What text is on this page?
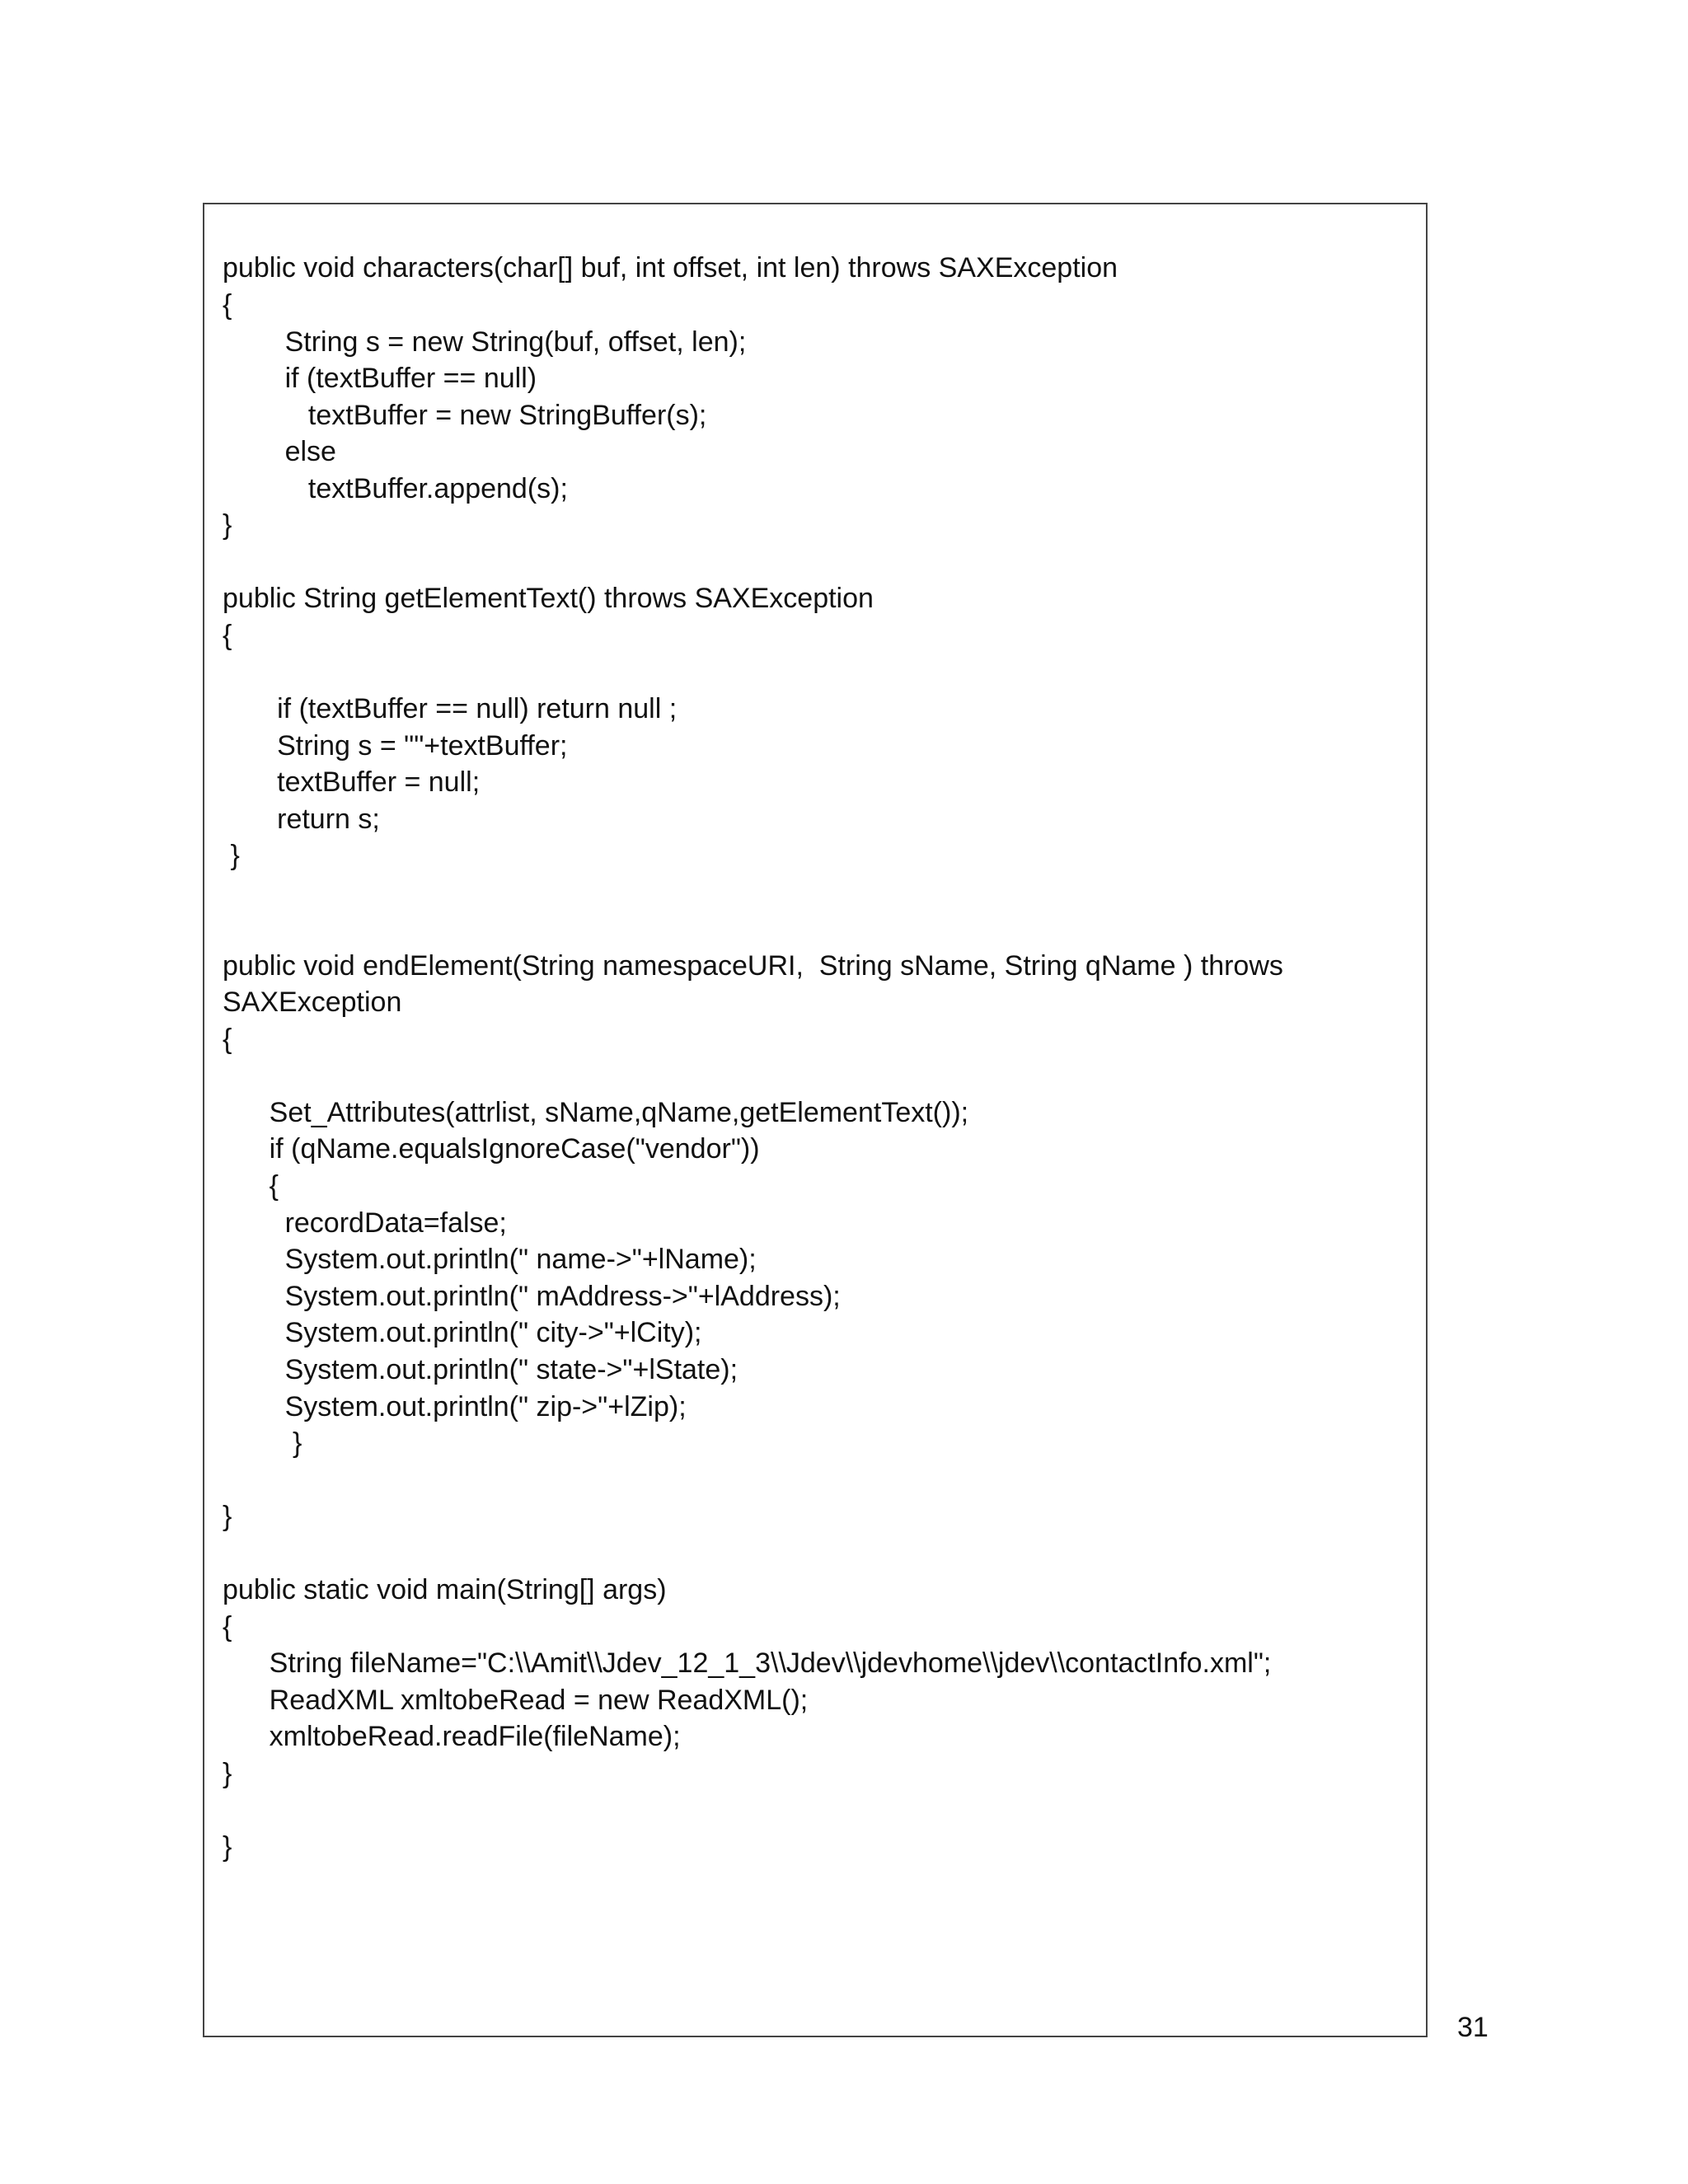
public void characters(char[] buf, int offset, int len) throws SAXException
{
String s = new String(buf, offset, len);
if (textBuffer == null)
textBuffer = new StringBuffer(s);
else
textBuffer.append(s);
}
public String getElementText() throws SAXException
{
if (textBuffer == null) return null ;
String s = ""+textBuffer;
textBuffer = null;
return s;
}
public void endElement(String namespaceURI,  String sName, String qName ) throws
SAXException
{
Set_Attributes(attrlist, sName,qName,getElementText());
if (qName.equalsIgnoreCase("vendor"))
{
recordData=false;
System.out.println(" name->"+lName);
System.out.println(" mAddress->"+lAddress);
System.out.println(" city->"+lCity);
System.out.println(" state->"+lState);
System.out.println(" zip->"+lZip);
}
}
public static void main(String[] args)
{
String fileName="C:\\Amit\\Jdev_12_1_3\\Jdev\\jdevhome\\jdev\\contactInfo.xml";
ReadXML xmltobeRead = new ReadXML();
xmltobeRead.readFile(fileName);
}
}
31
